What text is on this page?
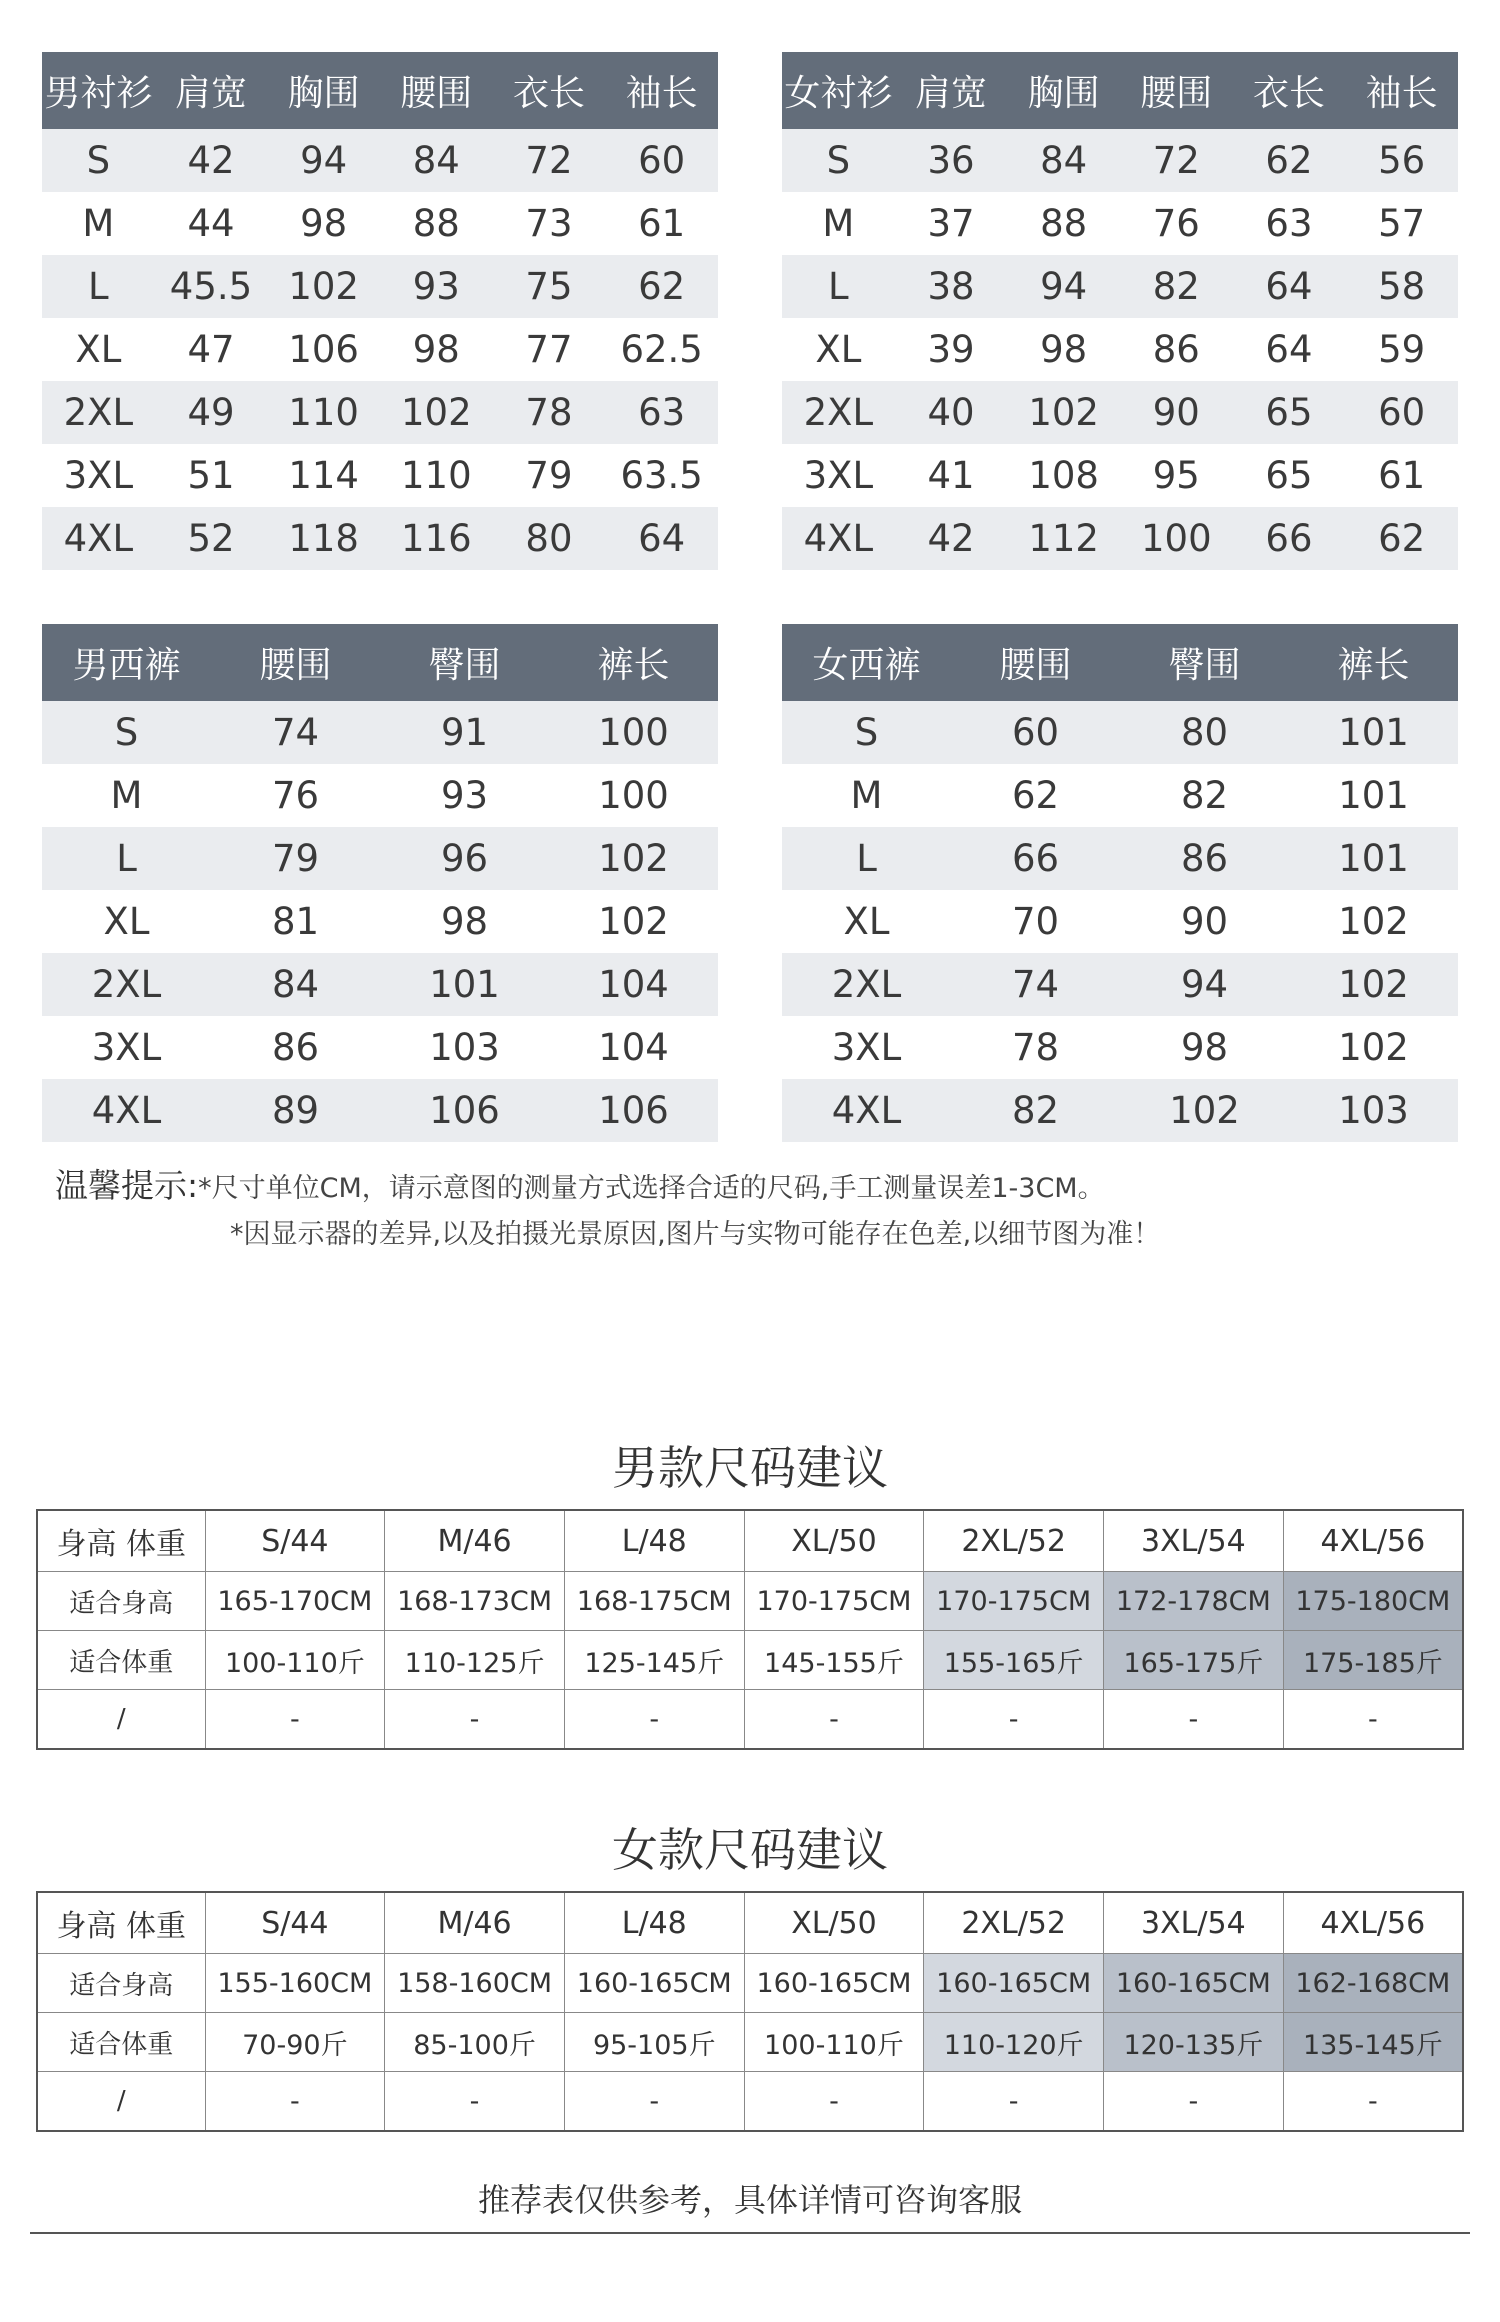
男衬衫	肩宽	胸围	腰围	衣长	袖长
S	42	94	84	72	60
M	44	98	88	73	61
L	45.5	102	93	75	62
XL	47	106	98	77	62.5
2XL	49	110	102	78	63
3XL	51	114	110	79	63.5
4XL	52	118	116	80	64
女衬衫	肩宽	胸围	腰围	衣长	袖长
S	36	84	72	62	56
M	37	88	76	63	57
L	38	94	82	64	58
XL	39	98	86	64	59
2XL	40	102	90	65	60
3XL	41	108	95	65	61
4XL	42	112	100	66	62
男西裤	腰围	臀围	裤长
S	74	91	100
M	76	93	100
L	79	96	102
XL	81	98	102
2XL	84	101	104
3XL	86	103	104
4XL	89	106	106
女西裤	腰围	臀围	裤长
S	60	80	101
M	62	82	101
L	66	86	101
XL	70	90	102
2XL	74	94	102
3XL	78	98	102
4XL	82	102	103
温馨提示:*尺寸单位CM，请示意图的测量方式选择合适的尺码,手工测量误差1-3CM。
*因显示器的差异,以及拍摄光景原因,图片与实物可能存在色差,以细节图为准！
男款尺码建议
身高 体重	S/44	M/46	L/48	XL/50	2XL/52	3XL/54	4XL/56
适合身高	165-170CM	168-173CM	168-175CM	170-175CM	170-175CM	172-178CM	175-180CM
适合体重	100-110斤	110-125斤	125-145斤	145-155斤	155-165斤	165-175斤	175-185斤
/	-	-	-	-	-	-	-
女款尺码建议
身高 体重	S/44	M/46	L/48	XL/50	2XL/52	3XL/54	4XL/56
适合身高	155-160CM	158-160CM	160-165CM	160-165CM	160-165CM	160-165CM	162-168CM
适合体重	70-90斤	85-100斤	95-105斤	100-110斤	110-120斤	120-135斤	135-145斤
/	-	-	-	-	-	-	-
推荐表仅供参考，具体详情可咨询客服
